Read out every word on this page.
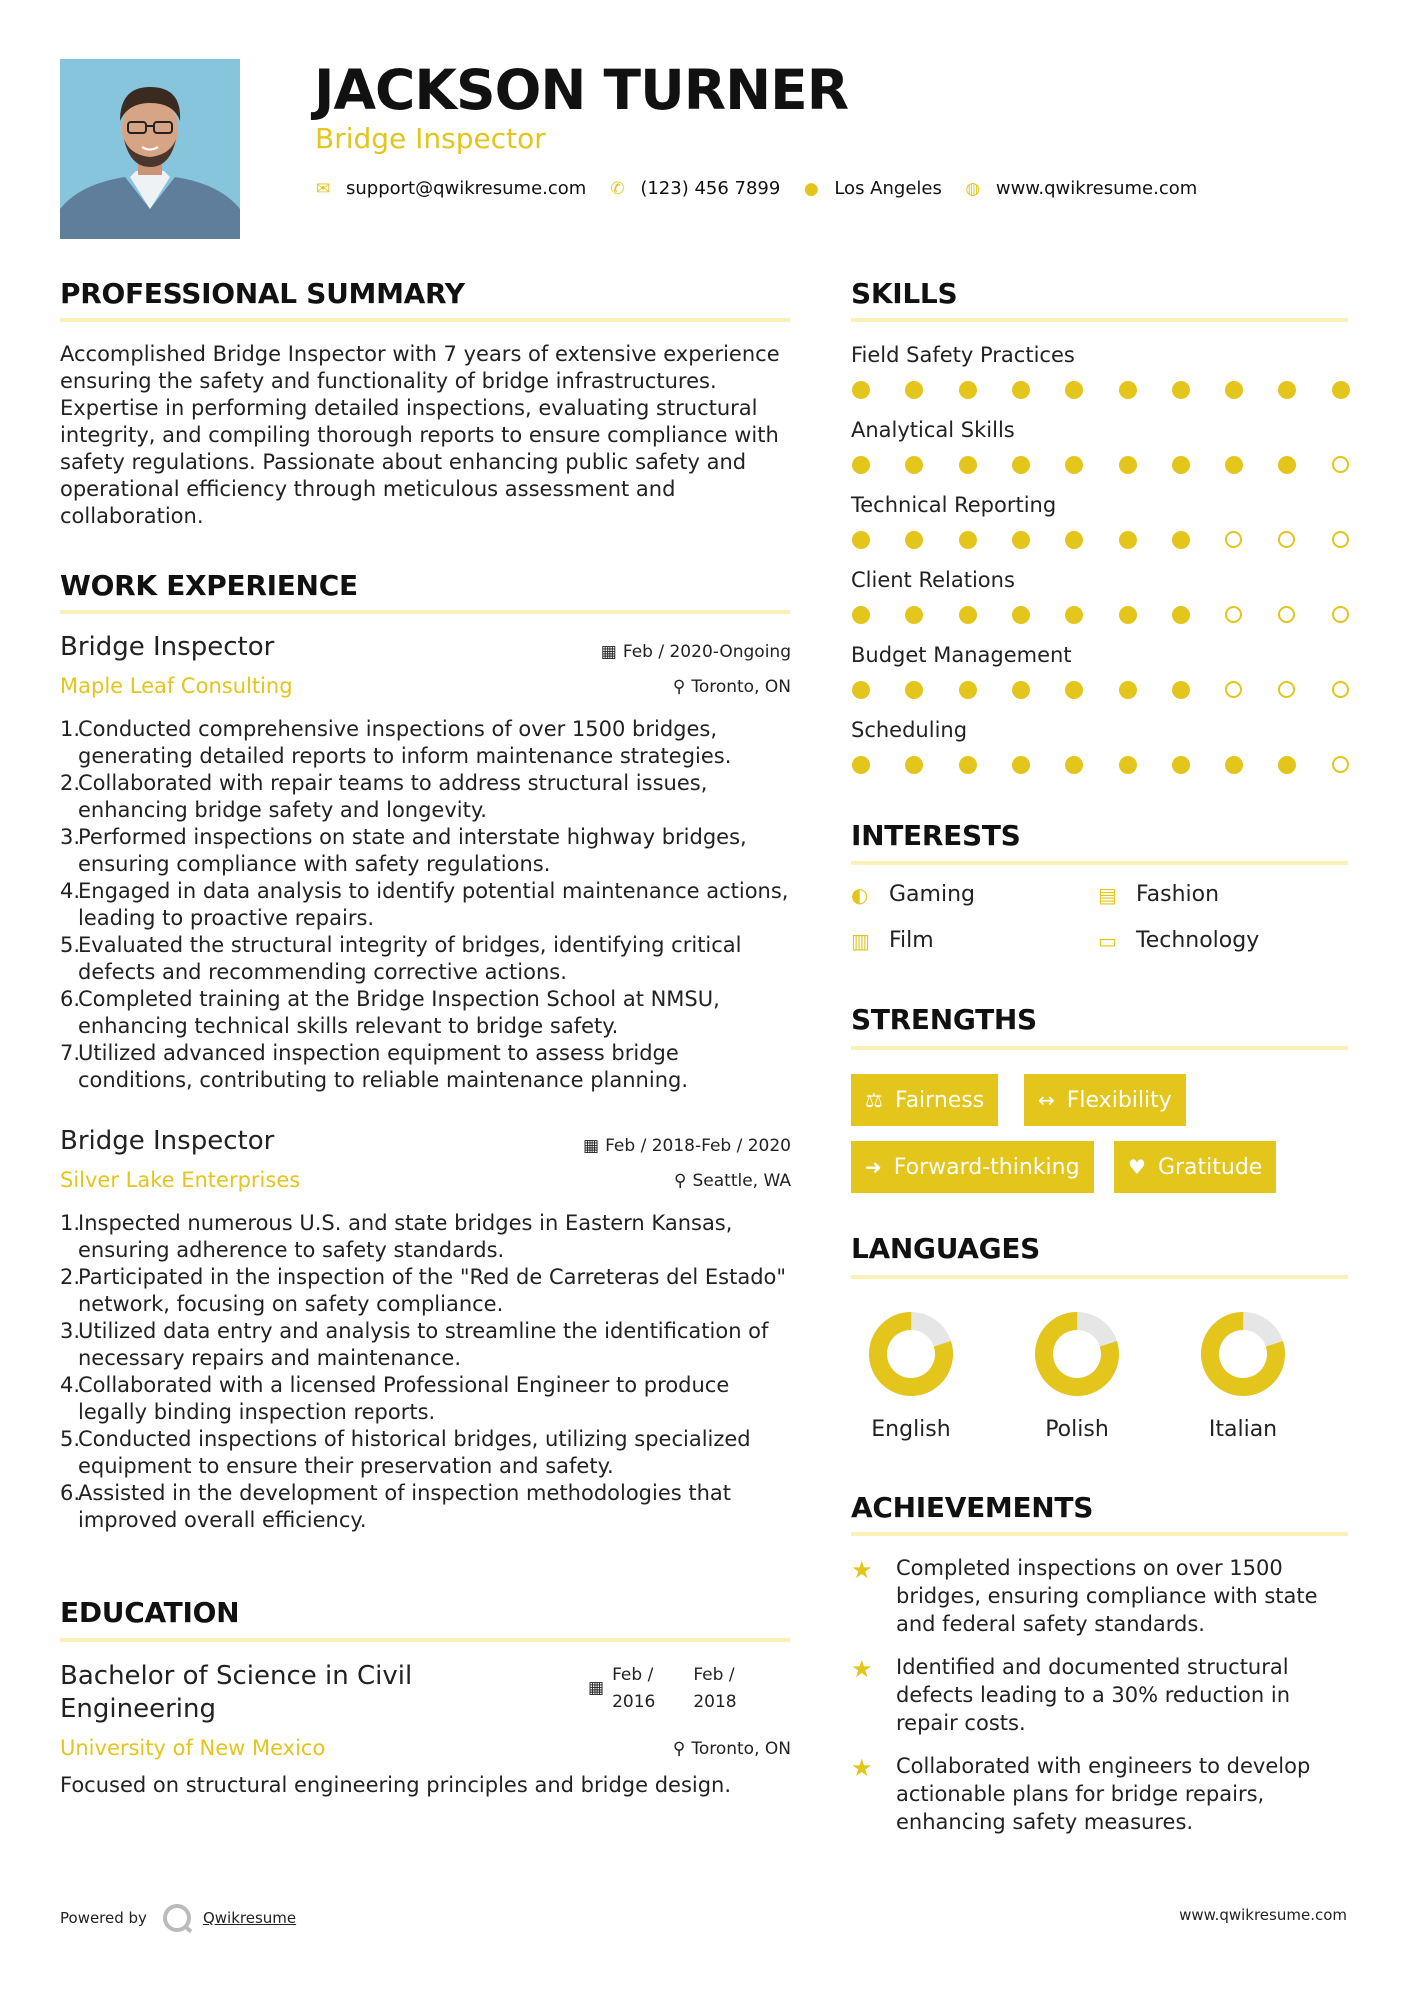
JACKSON TURNER
Bridge Inspector
✉ support@qwikresume.com ✆ (123) 456 7899 ● Los Angeles ◍ www.qwikresume.com
PROFESSIONAL SUMMARY
Accomplished Bridge Inspector with 7 years of extensive experience ensuring the safety and functionality of bridge infrastructures. Expertise in performing detailed inspections, evaluating structural integrity, and compiling thorough reports to ensure compliance with safety regulations. Passionate about enhancing public safety and operational efficiency through meticulous assessment and collaboration.
WORK EXPERIENCE
Bridge Inspector	▦ Feb / 2020-Ongoing
Maple Leaf Consulting	⚲ Toronto, ON
1.
Conducted comprehensive inspections of over 1500 bridges, generating detailed reports to inform maintenance strategies.
2.
Collaborated with repair teams to address structural issues, enhancing bridge safety and longevity.
3.
Performed inspections on state and interstate highway bridges, ensuring compliance with safety regulations.
4.
Engaged in data analysis to identify potential maintenance actions, leading to proactive repairs.
5.
Evaluated the structural integrity of bridges, identifying critical defects and recommending corrective actions.
6.
Completed training at the Bridge Inspection School at NMSU, enhancing technical skills relevant to bridge safety.
7.
Utilized advanced inspection equipment to assess bridge conditions, contributing to reliable maintenance planning.
Bridge Inspector	▦ Feb / 2018-Feb / 2020
Silver Lake Enterprises	⚲ Seattle, WA
1.
Inspected numerous U.S. and state bridges in Eastern Kansas, ensuring adherence to safety standards.
2.
Participated in the inspection of the "Red de Carreteras del Estado" network, focusing on safety compliance.
3.
Utilized data entry and analysis to streamline the identification of necessary repairs and maintenance.
4.
Collaborated with a licensed Professional Engineer to produce legally binding inspection reports.
5.
Conducted inspections of historical bridges, utilizing specialized equipment to ensure their preservation and safety.
6.
Assisted in the development of inspection methodologies that improved overall efficiency.
EDUCATION
Bachelor of Science in Civil
Engineering
▦
Feb /
2016
Feb /
2018
University of New Mexico	⚲ Toronto, ON
Focused on structural engineering principles and bridge design.
SKILLS
Field Safety Practices
Analytical Skills
Technical Reporting
Client Relations
Budget Management
Scheduling
INTERESTS
◐ Gaming	▤ Fashion
▥ Film	▭ Technology
STRENGTHS
⚖ Fairness	↔ Flexibility
➜ Forward-thinking ♥ Gratitude
LANGUAGES
English	Polish	Italian
ACHIEVEMENTS
★ Completed inspections on over 1500 bridges, ensuring compliance with state and federal safety standards.
★ Identified and documented structural defects leading to a 30% reduction in repair costs.
★ Collaborated with engineers to develop actionable plans for bridge repairs, enhancing safety measures.
Powered by	Qwikresume	www.qwikresume.com
